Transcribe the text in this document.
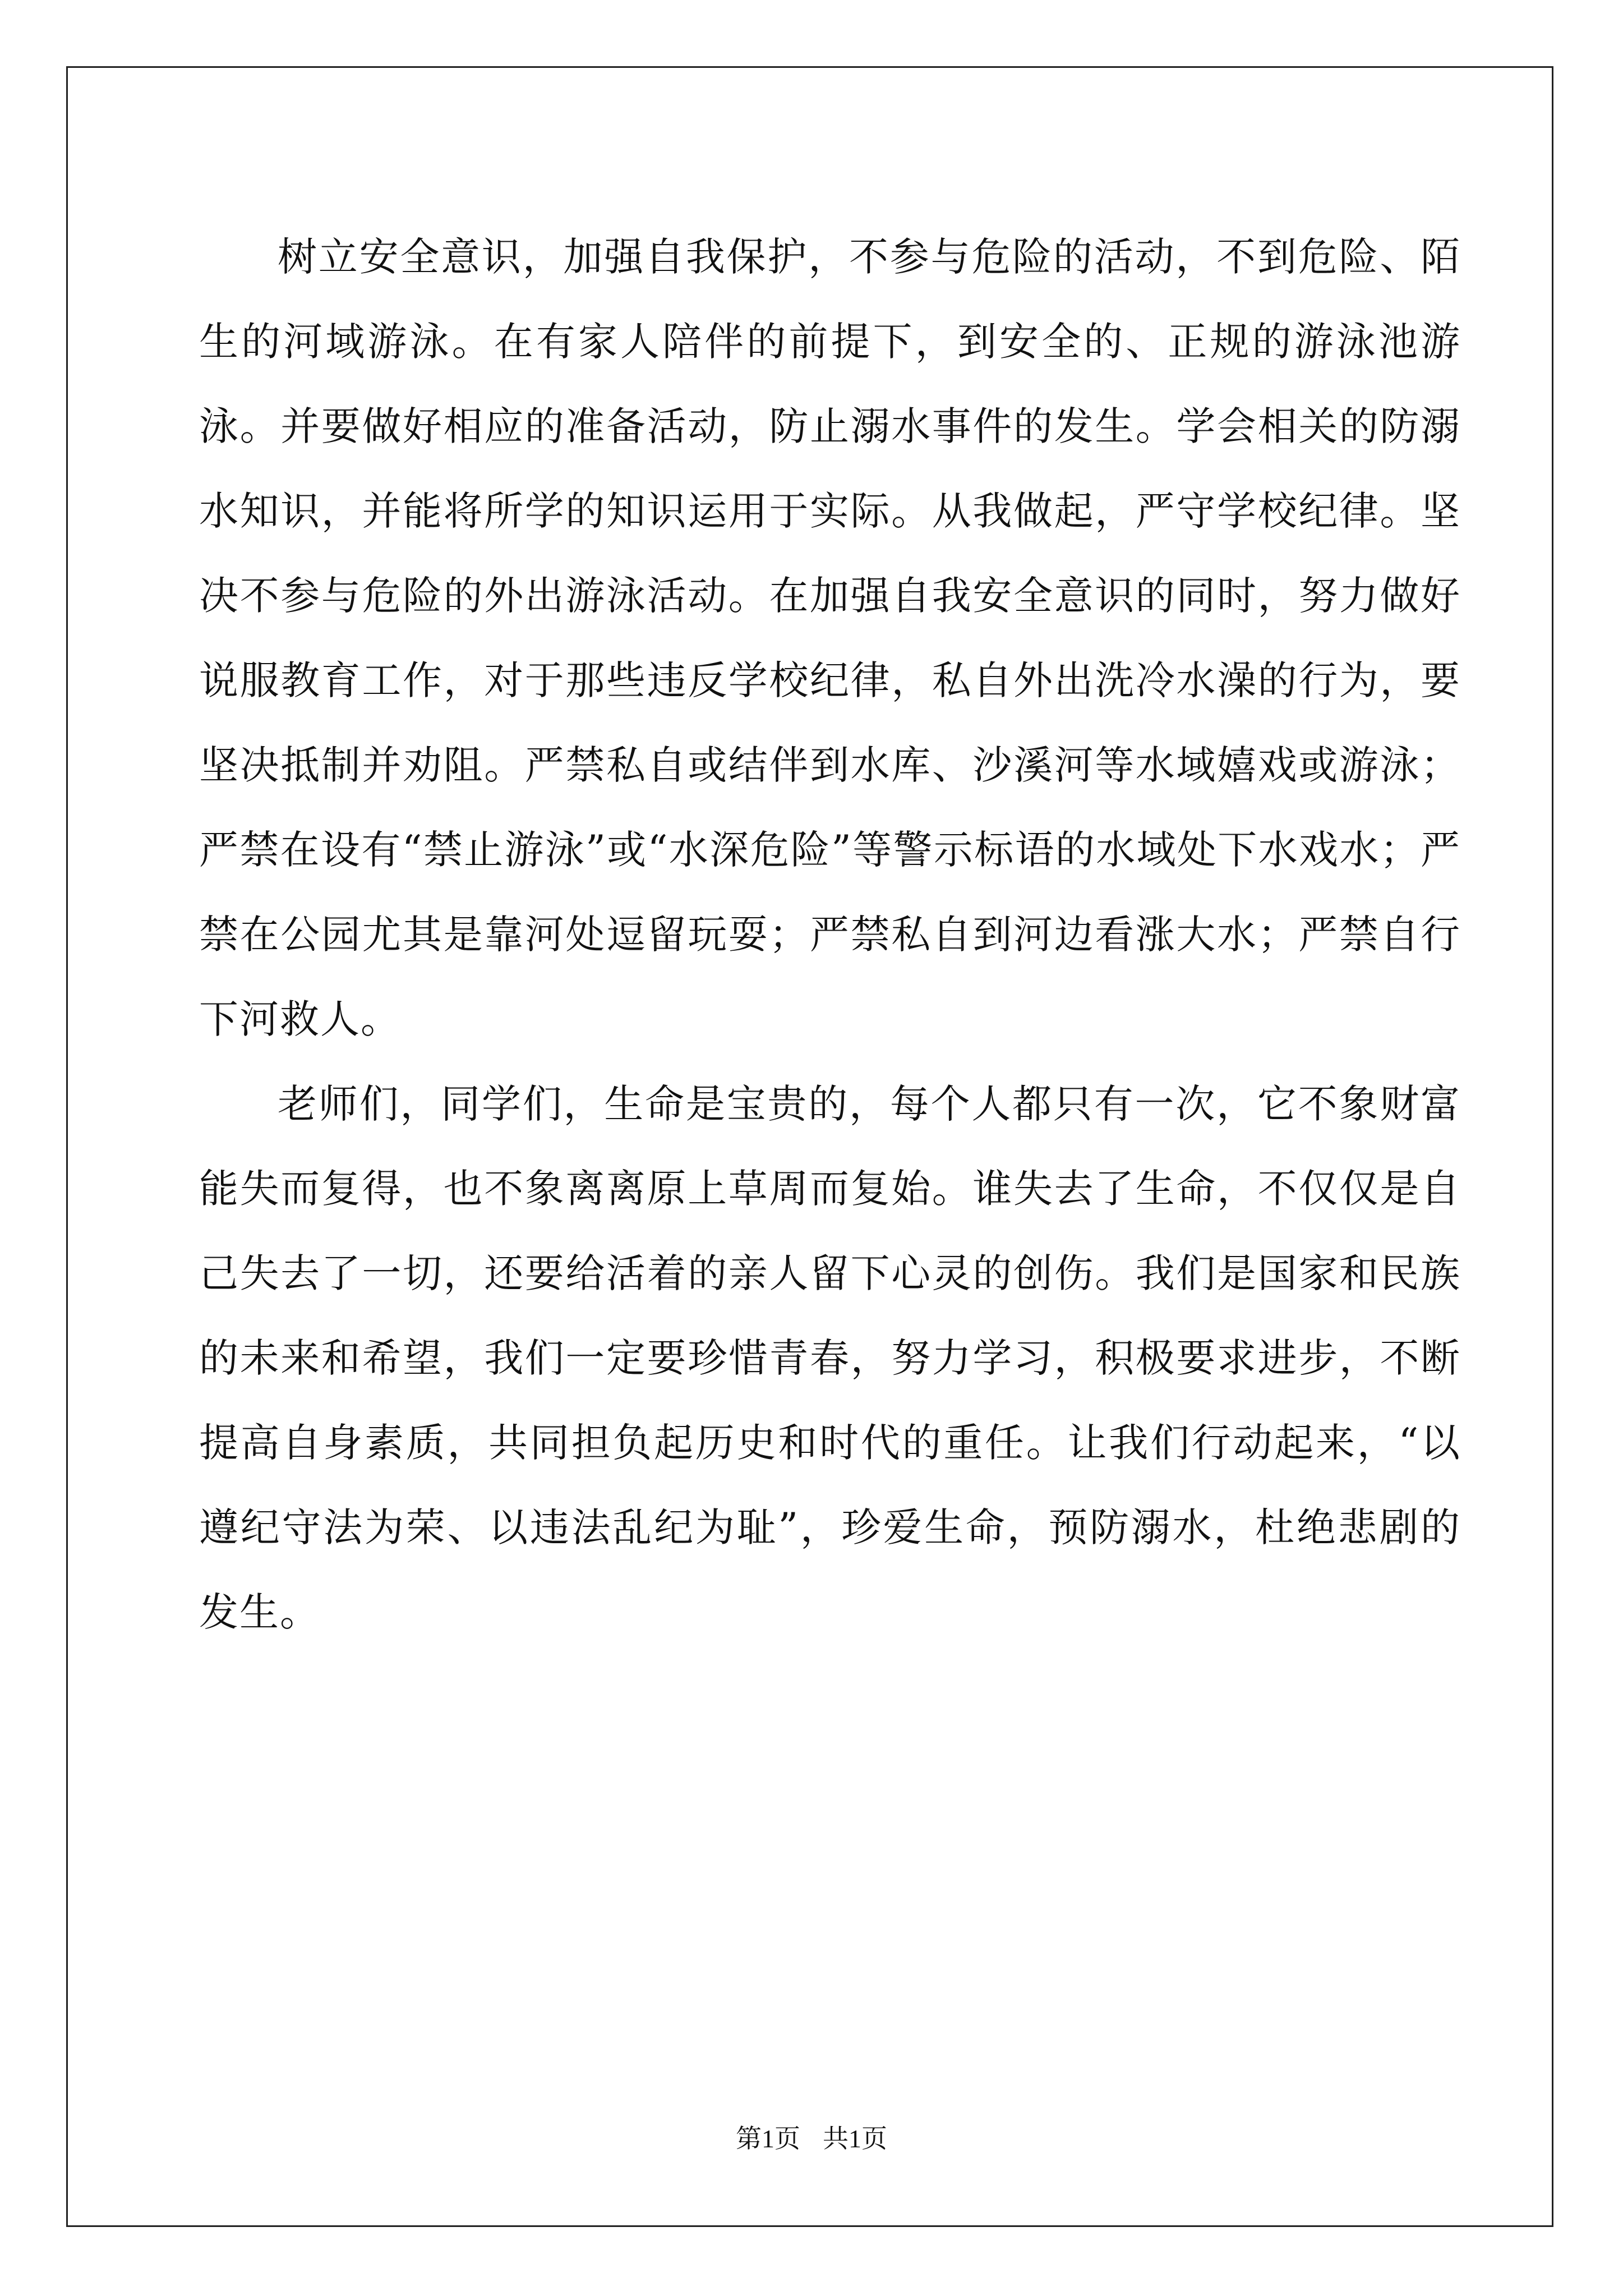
树立安全意识，加强自我保护，不参与危险的活动，不到危险、陌生的河域游泳。在有家人陪伴的前提下，到安全的、正规的游泳池游泳。并要做好相应的准备活动，防止溺水事件的发生。学会相关的防溺水知识，并能将所学的知识运用于实际。从我做起，严守学校纪律。坚决不参与危险的外出游泳活动。在加强自我安全意识的同时，努力做好说服教育工作，对于那些违反学校纪律，私自外出洗冷水澡的行为，要坚决抵制并劝阻。严禁私自或结伴到水库、沙溪河等水域嬉戏或游泳；严禁在设有“禁止游泳”或“水深危险”等警示标语的水域处下水戏水；严禁在公园尤其是靠河处逗留玩耍；严禁私自到河边看涨大水；严禁自行下河救人。

老师们，同学们，生命是宝贵的，每个人都只有一次，它不象财富能失而复得，也不象离离原上草周而复始。谁失去了生命，不仅仅是自己失去了一切，还要给活着的亲人留下心灵的创伤。我们是国家和民族的未来和希望，我们一定要珍惜青春，努力学习，积极要求进步，不断提高自身素质，共同担负起历史和时代的重任。让我们行动起来，“以遵纪守法为荣、以违法乱纪为耻”，珍爱生命，预防溺水，杜绝悲剧的发生。

第1页 共1页
